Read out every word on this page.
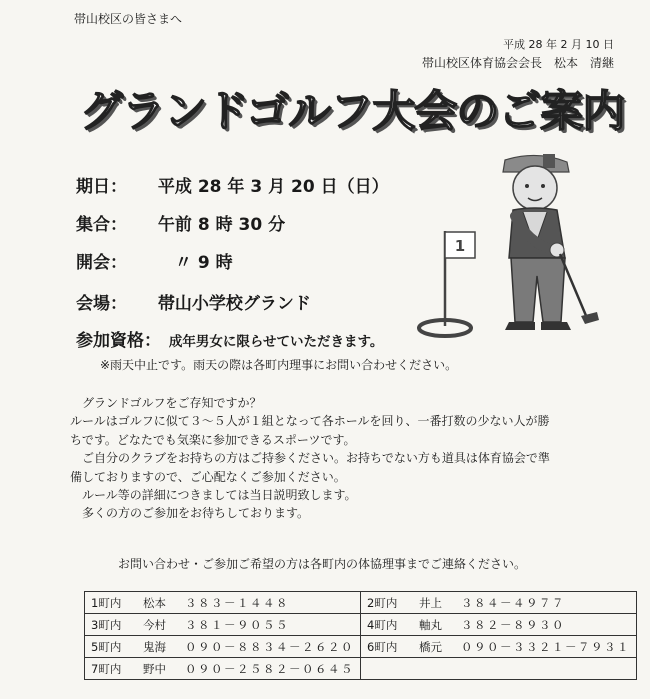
帯山校区の皆さまへ
平成 28 年 2 月 10 日
帯山校区体育協会会長　松本　清継
グランドゴルフ大会のご案内
期日： 平成 28 年 3 月 20 日（日）
集合： 午前 8 時 30 分
開会： 　〃 9 時
会場： 帯山小学校グランド
参加資格： 成年男女に限らせていただきます。
※雨天中止です。雨天の際は各町内理事にお問い合わせください。

　グランドゴルフをご存知ですか？

ルールはゴルフに似て３～５人が１組となって各ホールを回り、一番打数の少ない人が勝

ちです。どなたでも気楽に参加できるスポーツです。

　ご自分のクラブをお持ちの方はご持参ください。お持ちでない方も道具は体育協会で準

備しておりますので、ご心配なくご参加ください。

　ルール等の詳細につきましては当日説明致します。

　多くの方のご参加をお待ちしております。

お問い合わせ・ご参加ご希望の方は各町内の体協理事までご連絡ください。
1町内 松本 ３８３－１４４８	2町内 井上 ３８４－４９７７
3町内 今村 ３８１－９０５５	4町内 軸丸 ３８２－８９３０
5町内 鬼海 ０９０－８８３４－２６２０	6町内 橋元 ０９０－３３２１－７９３１
7町内 野中 ０９０－２５８２－０６４５	
1
